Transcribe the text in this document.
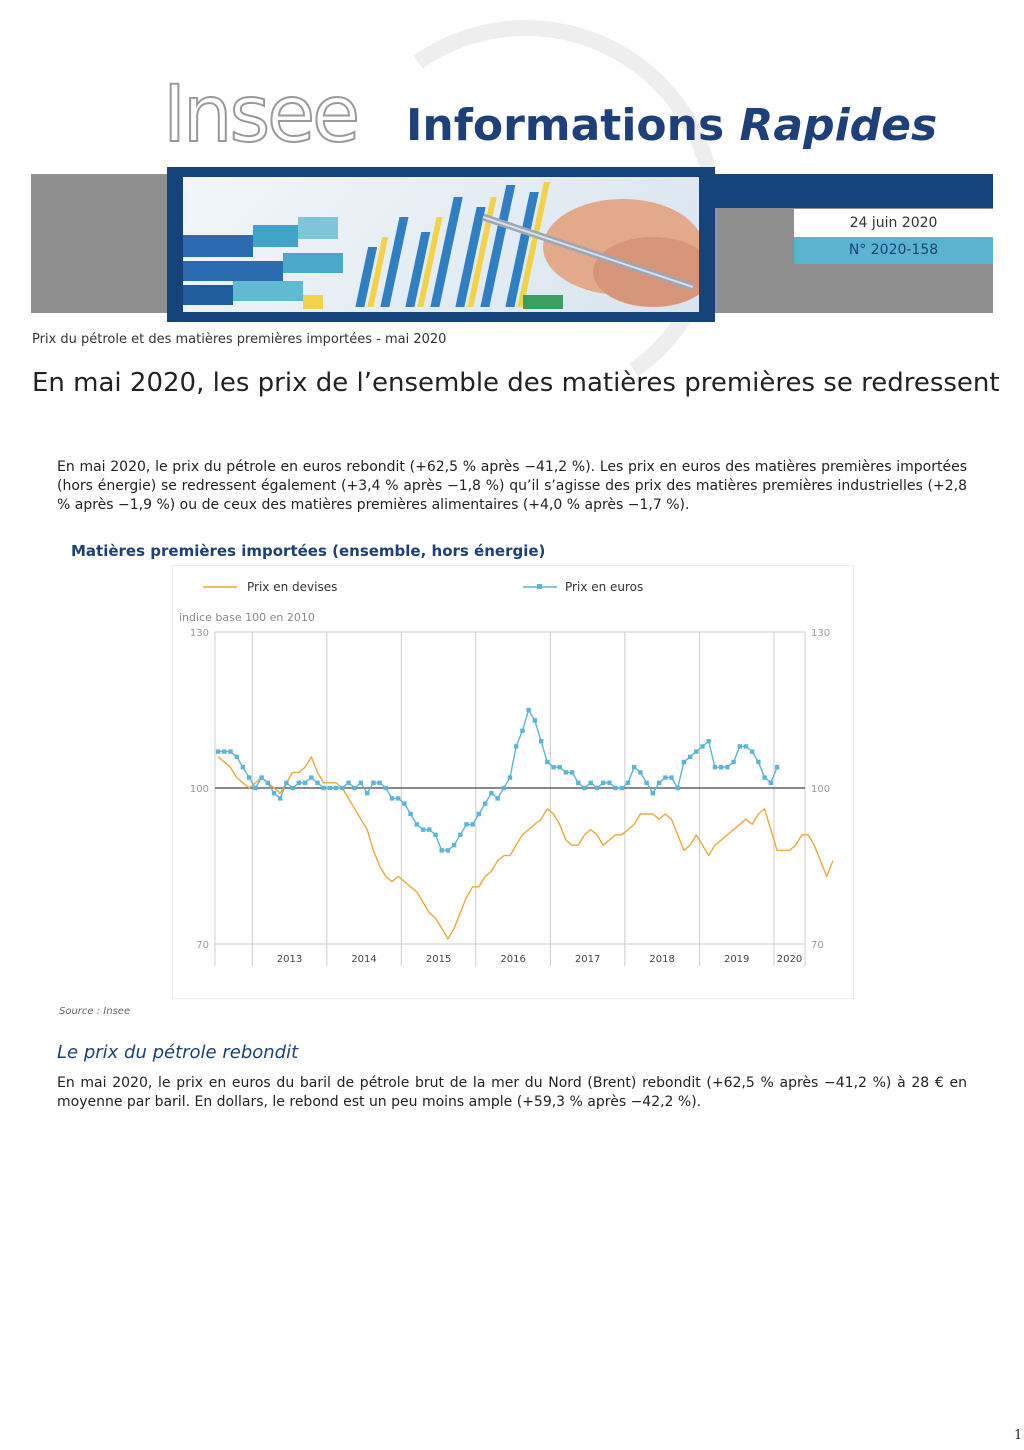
Insee Informations Rapides
24 juin 2020
N° 2020-158
Prix du pétrole et des matières premières importées - mai 2020
En mai 2020, les prix de l’ensemble des matières premières se redressent

En mai 2020, le prix du pétrole en euros rebondit (+62,5 % après −41,2 %). Les prix en euros des matières premières importées (hors énergie) se redressent également (+3,4 % après −1,8 %) qu’il s’agisse des prix des matières premières industrielles (+2,8 % après −1,9 %) ou de ceux des matières premières alimentaires (+4,0 % après −1,7 %).

Matières premières importées (ensemble, hors énergie)
2013	2014	2015	2016	2017	2018	2019	2020
130	130
100	100
70	70
Prix en devises	Prix en euros
indice base 100 en 2010
Source : Insee
Le prix du pétrole rebondit

En mai 2020, le prix en euros du baril de pétrole brut de la mer du Nord (Brent) rebondit (+62,5 % après −41,2 %) à 28 € en moyenne par baril. En dollars, le rebond est un peu moins ample (+59,3 % après −42,2 %).

1
